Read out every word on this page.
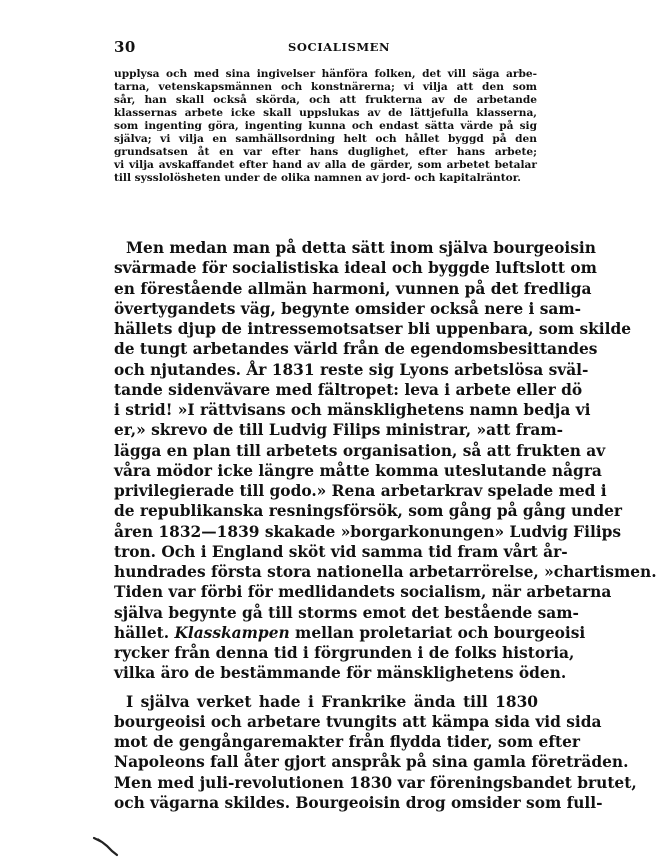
30	SOCIALISMEN
upplysa och med sina ingivelser hänföra folken, det vill säga arbe-
tarna, vetenskapsmännen och konstnärerna; vi vilja att den som
sår, han skall också skörda, och att frukterna av de arbetande
klassernas arbete icke skall uppslukas av de lättjefulla klasserna,
som ingenting göra, ingenting kunna och endast sätta värde på sig
själva; vi vilja en samhällsordning helt och hållet byggd på den
grundsatsen åt en var efter hans duglighet, efter hans arbete;
vi vilja avskaffandet efter hand av alla de gärder, som arbetet betalar
till sysslolösheten under de olika namnen av jord- och kapitalräntor.
Men medan man på detta sätt inom själva bourgeoisin
svärmade för socialistiska ideal och byggde luftslott om
en förestående allmän harmoni, vunnen på det fredliga
övertygandets väg, begynte omsider också nere i sam-
hällets djup de intressemotsatser bli uppenbara, som skilde
de tungt arbetandes värld från de egendomsbesittandes
och njutandes. År 1831 reste sig Lyons arbetslösa sväl-
tande sidenvävare med fältropet: leva i arbete eller dö
i strid! »I rättvisans och mänsklighetens namn bedja vi
er,» skrevo de till Ludvig Filips ministrar, »att fram-
lägga en plan till arbetets organisation, så att frukten av
våra mödor icke längre måtte komma uteslutande några
privilegierade till godo.» Rena arbetarkrav spelade med i
de republikanska resningsförsök, som gång på gång under
åren 1832—1839 skakade »borgarkonungen» Ludvig Filips
tron. Och i England sköt vid samma tid fram vårt år-
hundrades första stora nationella arbetarrörelse, »chartismen.
Tiden var förbi för medlidandets socialism, när arbetarna
själva begynte gå till storms emot det bestående sam-
hället. Klasskampen mellan proletariat och bourgeoisi
rycker från denna tid i förgrunden i de folks historia,
vilka äro de bestämmande för mänsklighetens öden.
I själva verket hade i Frankrike ända till 1830
bourgeoisi och arbetare tvungits att kämpa sida vid sida
mot de gengångaremakter från flydda tider, som efter
Napoleons fall åter gjort anspråk på sina gamla företräden.
Men med juli-revolutionen 1830 var föreningsbandet brutet,
och vägarna skildes. Bourgeoisin drog omsider som full-
